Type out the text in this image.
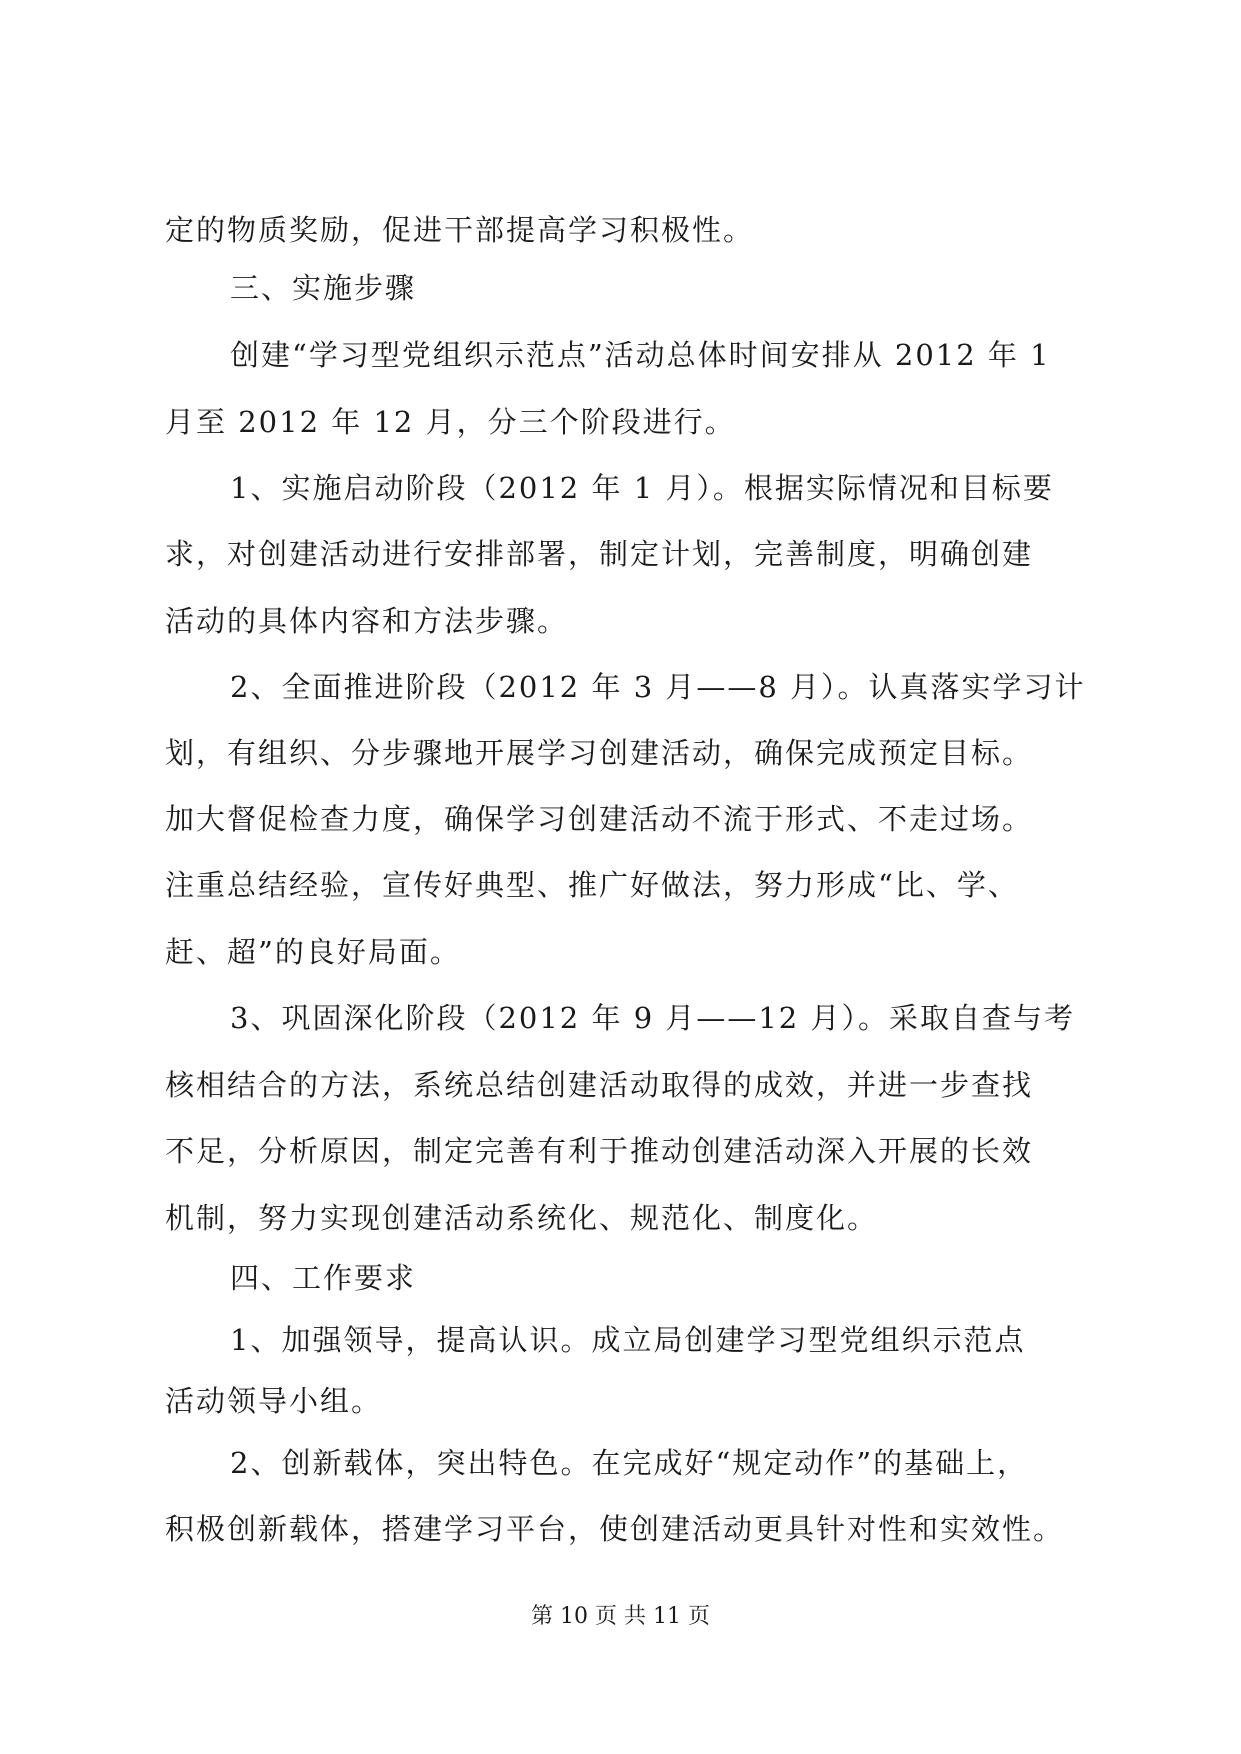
定的物质奖励，促进干部提高学习积极性。
三、实施步骤
创建“学习型党组织示范点”活动总体时间安排从 2012 年 1
月至 2012 年 12 月，分三个阶段进行。
1、实施启动阶段（2012 年 1 月）。根据实际情况和目标要
求，对创建活动进行安排部署，制定计划，完善制度，明确创建
活动的具体内容和方法步骤。
2、全面推进阶段（2012 年 3 月——8 月）。认真落实学习计
划，有组织、分步骤地开展学习创建活动，确保完成预定目标。
加大督促检查力度，确保学习创建活动不流于形式、不走过场。
注重总结经验，宣传好典型、推广好做法，努力形成“比、学、
赶、超”的良好局面。
3、巩固深化阶段（2012 年 9 月——12 月）。采取自查与考
核相结合的方法，系统总结创建活动取得的成效，并进一步查找
不足，分析原因，制定完善有利于推动创建活动深入开展的长效
机制，努力实现创建活动系统化、规范化、制度化。
四、工作要求
1、加强领导，提高认识。成立局创建学习型党组织示范点
活动领导小组。
2、创新载体，突出特色。在完成好“规定动作”的基础上，
积极创新载体，搭建学习平台，使创建活动更具针对性和实效性。
第 10 页 共 11 页
